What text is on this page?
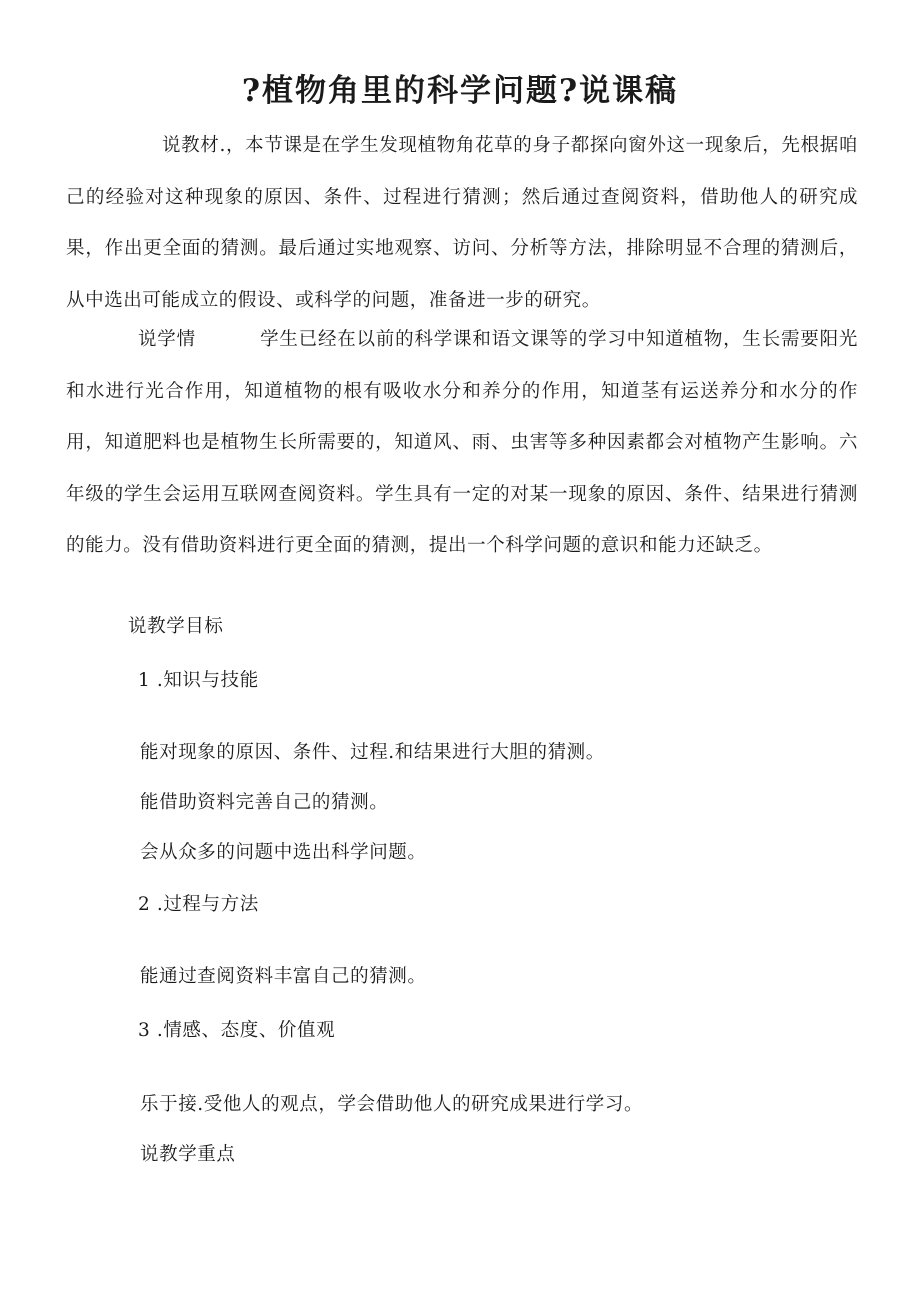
?植物角里的科学问题?说课稿

说教材.，本节课是在学生发现植物角花草的身子都探向窗外这一现象后，先根据咱己的经验对这种现象的原因、条件、过程进行猜测；然后通过查阅资料，借助他人的研究成果，作出更全面的猜测。最后通过实地观察、访问、分析等方法，排除明显不合理的猜测后，从中选出可能成立的假设、或科学的问题，准备进一步的研究。

说学情	学生已经在以前的科学课和语文课等的学习中知道植物，生长需要阳光和水进行光合作用，知道植物的根有吸收水分和养分的作用，知道茎有运送养分和水分的作用，知道肥料也是植物生长所需要的，知道风、雨、虫害等多种因素都会对植物产生影响。六年级的学生会运用互联网查阅资料。学生具有一定的对某一现象的原因、条件、结果进行猜测的能力。没有借助资料进行更全面的猜测，提出一个科学问题的意识和能力还缺乏。

说教学目标

1 .知识与技能

能对现象的原因、条件、过程.和结果进行大胆的猜测。

能借助资料完善自己的猜测。

会从众多的问题中选出科学问题。

2 .过程与方法

能通过查阅资料丰富自己的猜测。

3 .情感、态度、价值观

乐于接.受他人的观点，学会借助他人的研究成果进行学习。

说教学重点
